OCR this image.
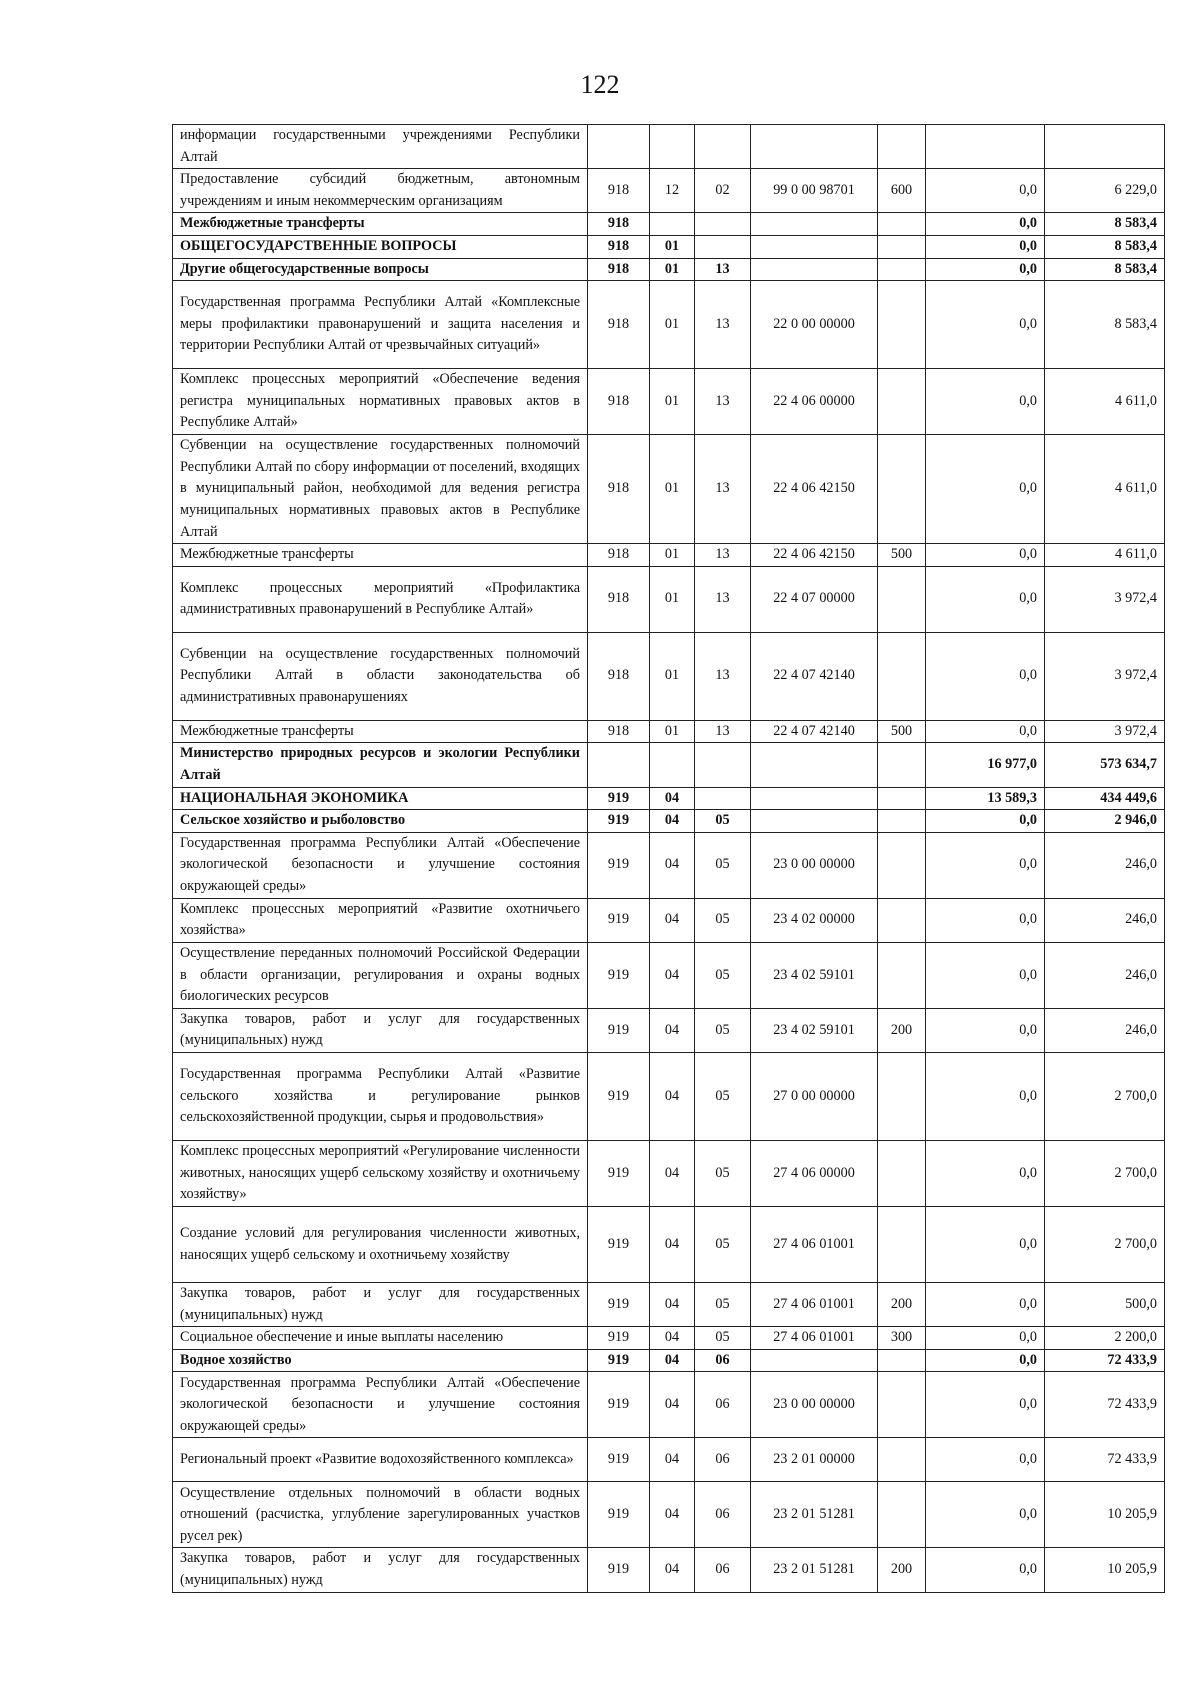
122
информации государственными учреждениями Республики Алтай							
Предоставление субсидий бюджетным, автономным учреждениям и иным некоммерческим организациям	918	12	02	99 0 00 98701	600	0,0	6 229,0
Межбюджетные трансферты	918					0,0	8 583,4
ОБЩЕГОСУДАРСТВЕННЫЕ ВОПРОСЫ	918	01				0,0	8 583,4
Другие общегосударственные вопросы	918	01	13			0,0	8 583,4
Государственная программа Республики Алтай «Комплексные меры профилактики правонарушений и защита населения и территории Республики Алтай от чрезвычайных ситуаций»	918	01	13	22 0 00 00000		0,0	8 583,4
Комплекс процессных мероприятий «Обеспечение ведения регистра муниципальных нормативных правовых актов в Республике Алтай»	918	01	13	22 4 06 00000		0,0	4 611,0
Субвенции на осуществление государственных полномочий Республики Алтай по сбору информации от поселений, входящих в муниципальный район, необходимой для ведения регистра муниципальных нормативных правовых актов в Республике Алтай	918	01	13	22 4 06 42150		0,0	4 611,0
Межбюджетные трансферты	918	01	13	22 4 06 42150	500	0,0	4 611,0
Комплекс процессных мероприятий «Профилактика административных правонарушений в Республике Алтай»	918	01	13	22 4 07 00000		0,0	3 972,4
Субвенции на осуществление государственных полномочий Республики Алтай в области законодательства об административных правонарушениях	918	01	13	22 4 07 42140		0,0	3 972,4
Межбюджетные трансферты	918	01	13	22 4 07 42140	500	0,0	3 972,4
Министерство природных ресурсов и экологии Республики Алтай						16 977,0	573 634,7
НАЦИОНАЛЬНАЯ ЭКОНОМИКА	919	04				13 589,3	434 449,6
Сельское хозяйство и рыболовство	919	04	05			0,0	2 946,0
Государственная программа Республики Алтай «Обеспечение экологической безопасности и улучшение состояния окружающей среды»	919	04	05	23 0 00 00000		0,0	246,0
Комплекс процессных мероприятий «Развитие охотничьего хозяйства»	919	04	05	23 4 02 00000		0,0	246,0
Осуществление переданных полномочий Российской Федерации в области организации, регулирования и охраны водных биологических ресурсов	919	04	05	23 4 02 59101		0,0	246,0
Закупка товаров, работ и услуг для государственных (муниципальных) нужд	919	04	05	23 4 02 59101	200	0,0	246,0
Государственная программа Республики Алтай «Развитие сельского хозяйства и регулирование рынков сельскохозяйственной продукции, сырья и продовольствия»	919	04	05	27 0 00 00000		0,0	2 700,0
Комплекс процессных мероприятий «Регулирование численности животных, наносящих ущерб сельскому хозяйству и охотничьему хозяйству»	919	04	05	27 4 06 00000		0,0	2 700,0
Создание условий для регулирования численности животных, наносящих ущерб сельскому и охотничьему хозяйству	919	04	05	27 4 06 01001		0,0	2 700,0
Закупка товаров, работ и услуг для государственных (муниципальных) нужд	919	04	05	27 4 06 01001	200	0,0	500,0
Социальное обеспечение и иные выплаты населению	919	04	05	27 4 06 01001	300	0,0	2 200,0
Водное хозяйство	919	04	06			0,0	72 433,9
Государственная программа Республики Алтай «Обеспечение экологической безопасности и улучшение состояния окружающей среды»	919	04	06	23 0 00 00000		0,0	72 433,9
Региональный проект «Развитие водохозяйственного комплекса»	919	04	06	23 2 01 00000		0,0	72 433,9
Осуществление отдельных полномочий в области водных отношений (расчистка, углубление зарегулированных участков русел рек)	919	04	06	23 2 01 51281		0,0	10 205,9
Закупка товаров, работ и услуг для государственных (муниципальных) нужд	919	04	06	23 2 01 51281	200	0,0	10 205,9
